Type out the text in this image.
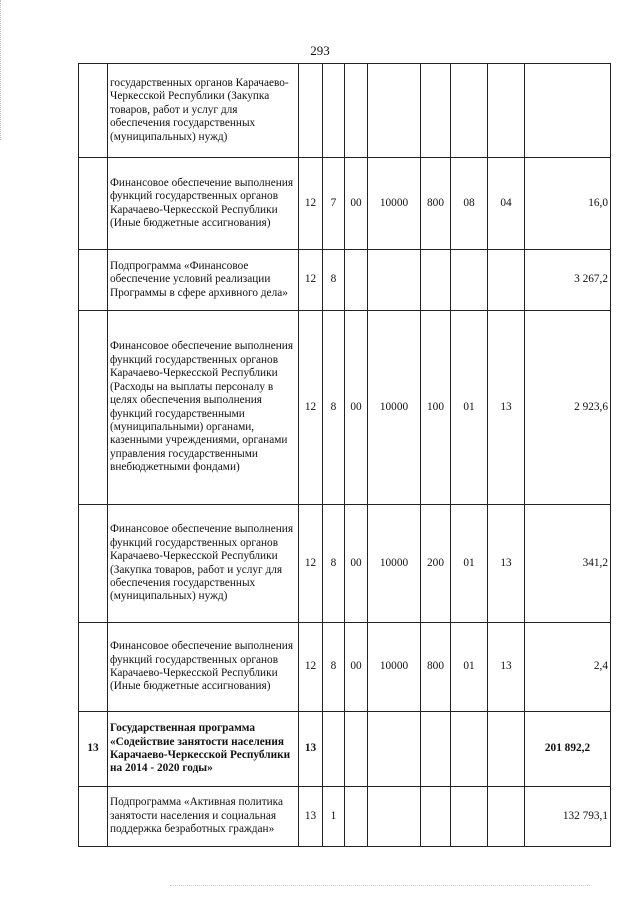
293
	государственных органов Карачаево-Черкесской Республики (Закупка товаров, работ и услуг для обеспечения государственных (муниципальных) нужд)								
	Финансовое обеспечение выполнения функций государственных органов Карачаево-Черкесской Республики (Иные бюджетные ассигнования)	12	7	00	10000	800	08	04	16,0
	Подпрограмма «Финансовое обеспечение условий реализации Программы в сфере архивного дела»	12	8						3 267,2
	Финансовое обеспечение выполнения функций государственных органов Карачаево-Черкесской Республики (Расходы на выплаты персоналу в целях обеспечения выполнения функций государственными (муниципальными) органами, казенными учреждениями, органами управления государственными внебюджетными фондами)	12	8	00	10000	100	01	13	2 923,6
	Финансовое обеспечение выполнения функций государственных органов Карачаево-Черкесской Республики (Закупка товаров, работ и услуг для обеспечения государственных (муниципальных) нужд)	12	8	00	10000	200	01	13	341,2
	Финансовое обеспечение выполнения функций государственных органов Карачаево-Черкесской Республики (Иные бюджетные ассигнования)	12	8	00	10000	800	01	13	2,4
13	Государственная программа «Содействие занятости населения Карачаево-Черкесской Республики на 2014 - 2020 годы»	13							201 892,2
	Подпрограмма «Активная политика занятости населения и социальная поддержка безработных граждан»	13	1						132 793,1
